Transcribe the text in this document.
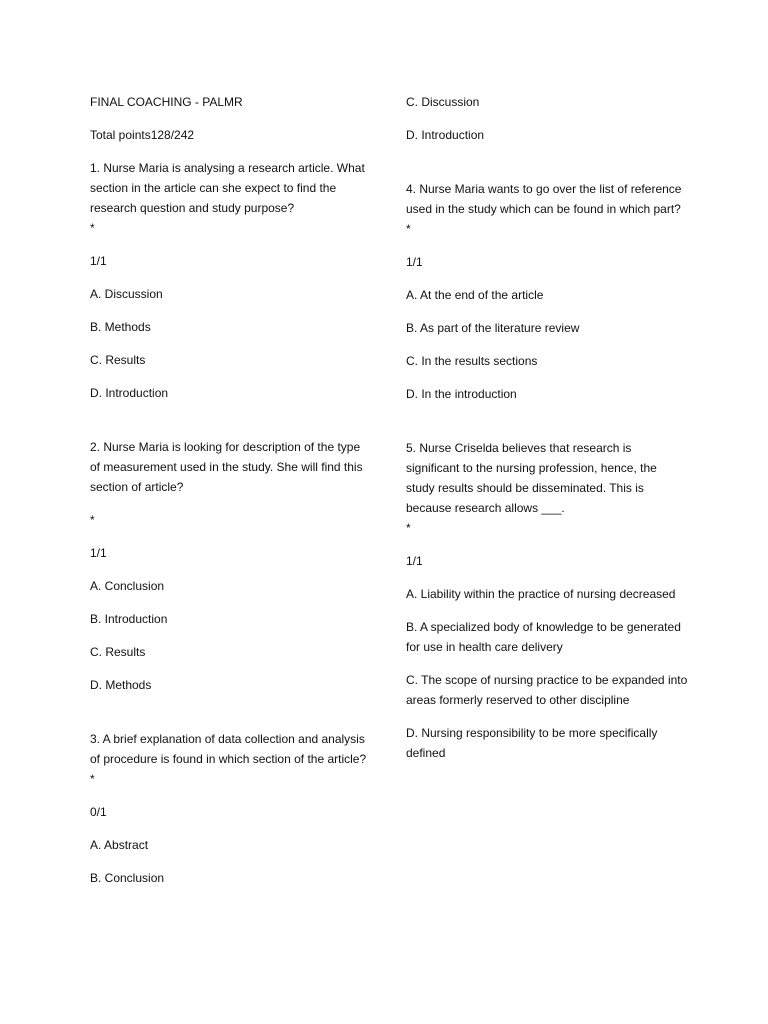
FINAL COACHING - PALMR

Total points128/242

1. Nurse Maria is analysing a research article. What section in the article can she expect to find the research question and study purpose?

*

1/1

A. Discussion

B. Methods

C. Results

D. Introduction

2. Nurse Maria is looking for description of the type of measurement used in the study. She will find this section of article?

*

1/1

A. Conclusion

B. Introduction

C. Results

D. Methods

3. A brief explanation of data collection and analysis of procedure is found in which section of the article?

*

0/1

A. Abstract

B. Conclusion

C. Discussion

D. Introduction

4. Nurse Maria wants to go over the list of reference used in the study which can be found in which part?

*

1/1

A. At the end of the article

B. As part of the literature review

C. In the results sections

D. In the introduction

5. Nurse Criselda believes that research is significant to the nursing profession, hence, the study results should be disseminated. This is because research allows ___.

*

1/1

A. Liability within the practice of nursing decreased

B. A specialized body of knowledge to be generated for use in health care delivery

C. The scope of nursing practice to be expanded into areas formerly reserved to other discipline

D. Nursing responsibility to be more specifically defined
